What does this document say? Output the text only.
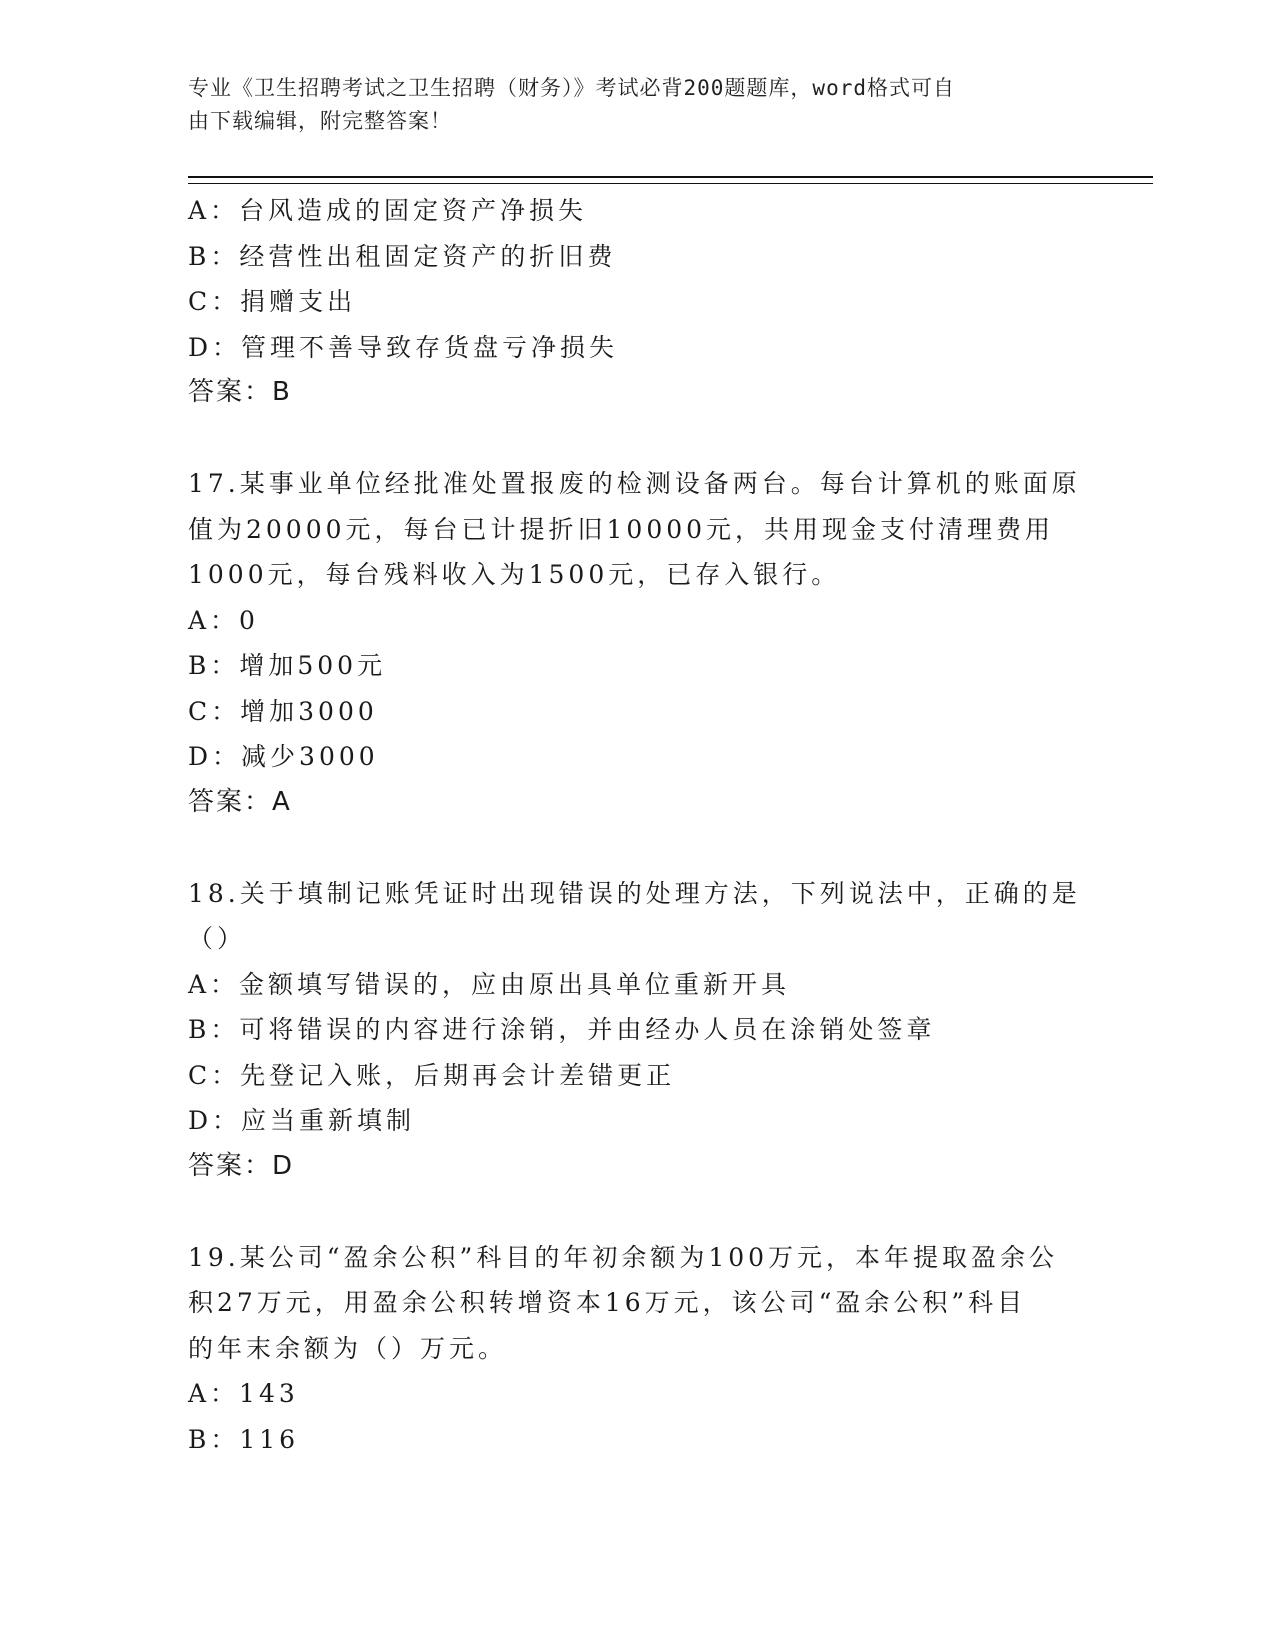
专业《卫生招聘考试之卫生招聘（财务）》考试必背200题题库，word格式可自
由下载编辑，附完整答案！
A：台风造成的固定资产净损失
B：经营性出租固定资产的折旧费
C：捐赠支出
D：管理不善导致存货盘亏净损失
答案：B
17.某事业单位经批准处置报废的检测设备两台。每台计算机的账面原
值为20000元，每台已计提折旧10000元，共用现金支付清理费用
1000元，每台残料收入为1500元，已存入银行。
A：0
B：增加500元
C：增加3000
D：减少3000
答案：A
18.关于填制记账凭证时出现错误的处理方法，下列说法中，正确的是
（）
A：金额填写错误的，应由原出具单位重新开具
B：可将错误的内容进行涂销，并由经办人员在涂销处签章
C：先登记入账，后期再会计差错更正
D：应当重新填制
答案：D
19.某公司“盈余公积”科目的年初余额为100万元，本年提取盈余公
积27万元，用盈余公积转增资本16万元，该公司“盈余公积”科目
的年末余额为（）万元。
A：143
B：116
